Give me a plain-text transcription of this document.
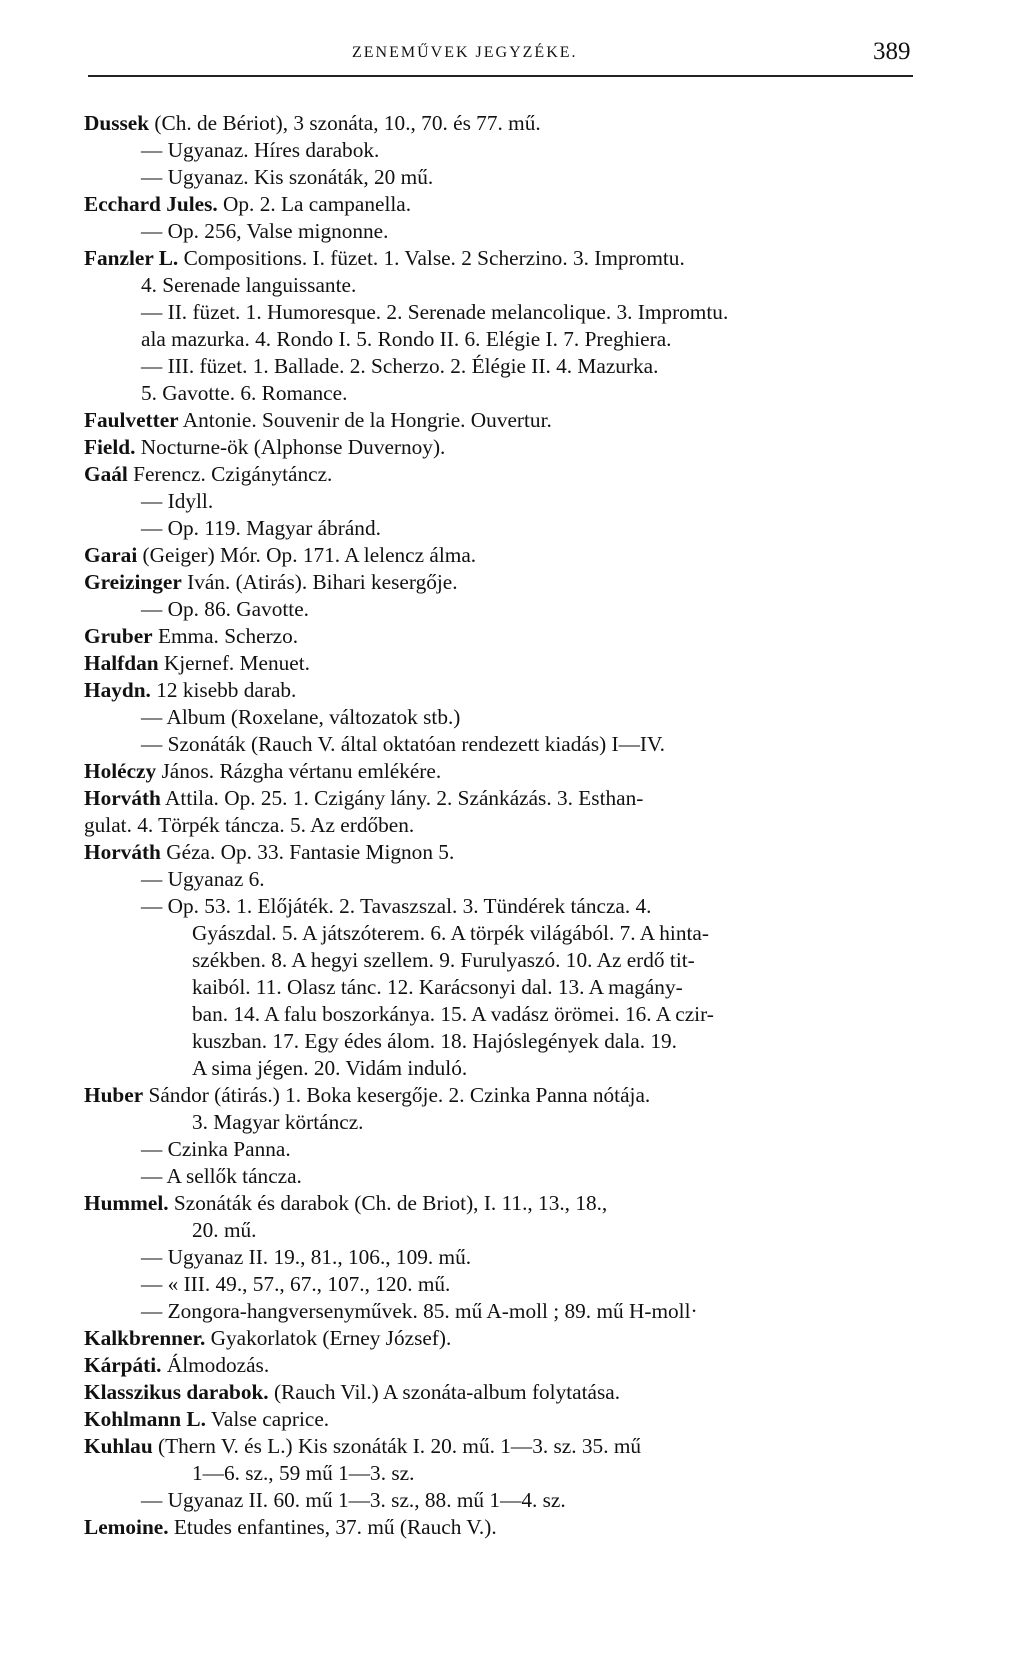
ZENEMŰVEK JEGYZÉKE.	389
Dussek (Ch. de Bériot), 3 szonáta, 10., 70. és 77. mű.
— Ugyanaz. Híres darabok.
— Ugyanaz. Kis szonáták, 20 mű.
Ecchard Jules. Op. 2. La campanella.
— Op. 256, Valse mignonne.
Fanzler L. Compositions. I. füzet. 1. Valse. 2 Scherzino. 3. Impromtu.
4. Serenade languissante.
— II. füzet. 1. Humoresque. 2. Serenade melancolique. 3. Impromtu.
ala mazurka. 4. Rondo I. 5. Rondo II. 6. Elégie I. 7. Preghiera.
— III. füzet. 1. Ballade. 2. Scherzo. 2. Élégie II. 4. Mazurka.
5. Gavotte. 6. Romance.
Faulvetter Antonie. Souvenir de la Hongrie. Ouvertur.
Field. Nocturne-ök (Alphonse Duvernoy).
Gaál Ferencz. Czigánytáncz.
— Idyll.
— Op. 119. Magyar ábránd.
Garai (Geiger) Mór. Op. 171. A lelencz álma.
Greizinger Iván. (Atirás). Bihari kesergője.
— Op. 86. Gavotte.
Gruber Emma. Scherzo.
Halfdan Kjernef. Menuet.
Haydn. 12 kisebb darab.
— Album (Roxelane, változatok stb.)
— Szonáták (Rauch V. által oktatóan rendezett kiadás) I—IV.
Holéczy János. Rázgha vértanu emlékére.
Horváth Attila. Op. 25. 1. Czigány lány. 2. Szánkázás. 3. Esthan-
gulat. 4. Törpék táncza. 5. Az erdőben.
Horváth Géza. Op. 33. Fantasie Mignon 5.
— Ugyanaz 6.
— Op. 53. 1. Előjáték. 2. Tavaszszal. 3. Tündérek táncza. 4.
Gyászdal. 5. A játszóterem. 6. A törpék világából. 7. A hinta-
székben. 8. A hegyi szellem. 9. Furulyaszó. 10. Az erdő tit-
kaiból. 11. Olasz tánc. 12. Karácsonyi dal. 13. A magány-
ban. 14. A falu boszorkánya. 15. A vadász örömei. 16. A czir-
kuszban. 17. Egy édes álom. 18. Hajóslegények dala. 19.
A sima jégen. 20. Vidám induló.
Huber Sándor (átirás.) 1. Boka kesergője. 2. Czinka Panna nótája.
3. Magyar körtáncz.
— Czinka Panna.
— A sellők táncza.
Hummel. Szonáták és darabok (Ch. de Briot), I. 11., 13., 18.,
20. mű.
— Ugyanaz II. 19., 81., 106., 109. mű.
— « III. 49., 57., 67., 107., 120. mű.
— Zongora-hangversenyművek. 85. mű A-moll ; 89. mű H-moll·
Kalkbrenner. Gyakorlatok (Erney József).
Kárpáti. Álmodozás.
Klasszikus darabok. (Rauch Vil.) A szonáta-album folytatása.
Kohlmann L. Valse caprice.
Kuhlau (Thern V. és L.) Kis szonáták I. 20. mű. 1—3. sz. 35. mű
1—6. sz., 59 mű 1—3. sz.
— Ugyanaz II. 60. mű 1—3. sz., 88. mű 1—4. sz.
Lemoine. Etudes enfantines, 37. mű (Rauch V.).
